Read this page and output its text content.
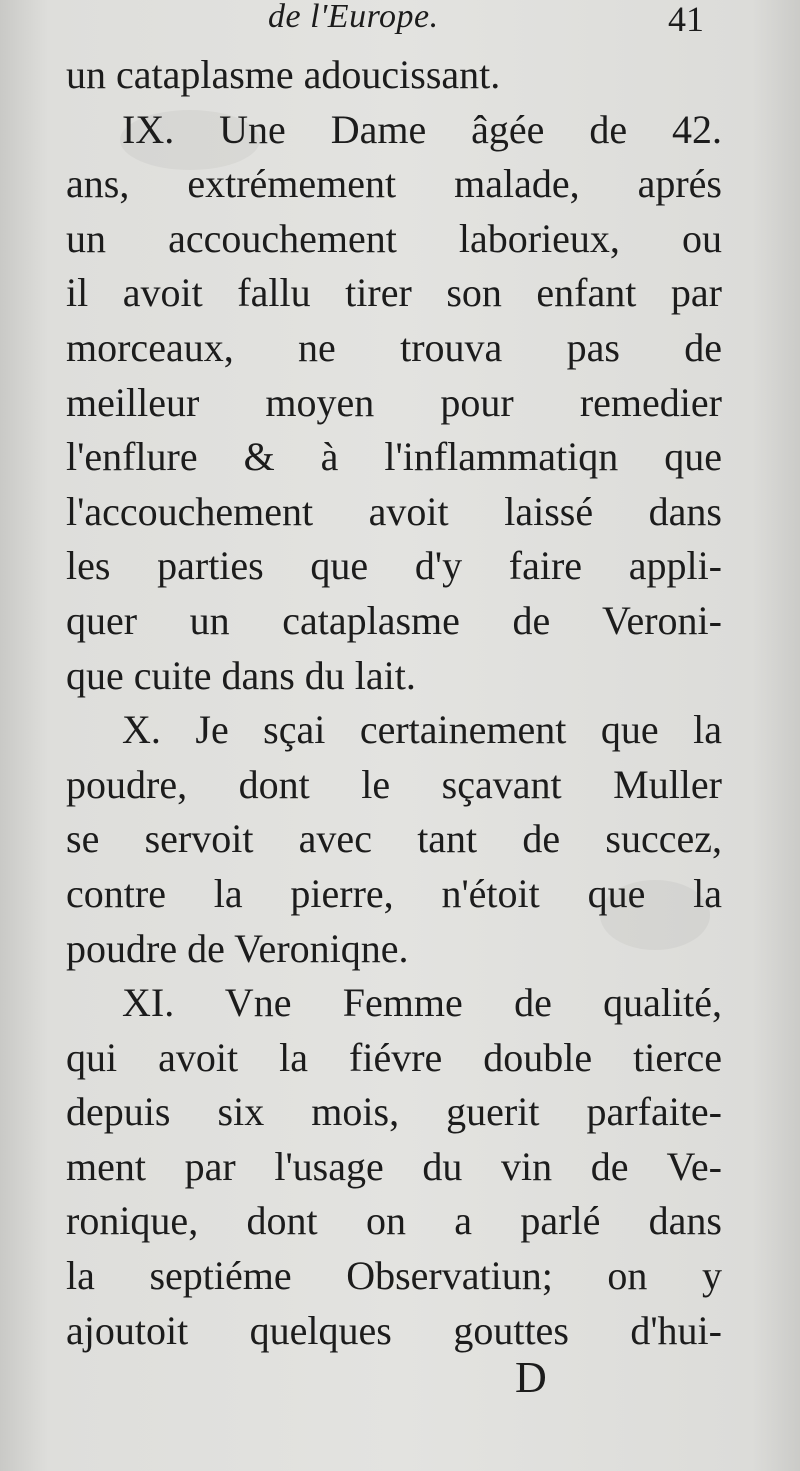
de l'Europe.	41
un cataplasme adoucissant.
IX. Une Dame âgée de 42.
ans, extrémement malade, aprés
un accouchement laborieux, ou
il avoit fallu tirer son enfant par
morceaux, ne trouva pas de
meilleur moyen pour remedier
l'enflure & à l'inflammatiqn que
l'accouchement avoit laissé dans
les parties que d'y faire appli-
quer un cataplasme de Veroni-
que cuite dans du lait.
X. Je sçai certainement que la
poudre, dont le sçavant Muller
se servoit avec tant de succez,
contre la pierre, n'étoit que la
poudre de Veroniqne.
XI. Vne Femme de qualité,
qui avoit la fiévre double tierce
depuis six mois, guerit parfaite-
ment par l'usage du vin de Ve-
ronique, dont on a parlé dans
la septiéme Observatiun; on y
ajoutoit quelques gouttes d'hui-
D
